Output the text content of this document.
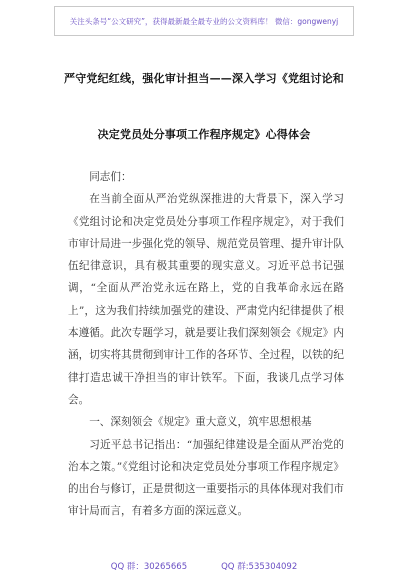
关注头条号“公文研究”，获得最新最全最专业的公文资料库！ 微信：gongwenyj
严守党纪红线，强化审计担当——深入学习《党组讨论和
决定党员处分事项工作程序规定》心得体会

同志们：

在当前全面从严治党纵深推进的大背景下，深入学习《党组讨论和决定党员处分事项工作程序规定》，对于我们市审计局进一步强化党的领导、规范党员管理、提升审计队伍纪律意识，具有极其重要的现实意义。习近平总书记强调，“全面从严治党永远在路上，党的自我革命永远在路上”，这为我们持续加强党的建设、严肃党内纪律提供了根本遵循。此次专题学习，就是要让我们深刻领会《规定》内涵，切实将其贯彻到审计工作的各环节、全过程，以铁的纪律打造忠诚干净担当的审计铁军。下面，我谈几点学习体会。

一、深刻领会《规定》重大意义，筑牢思想根基

习近平总书记指出：“加强纪律建设是全面从严治党的治本之策。”《党组讨论和决定党员处分事项工作程序规定》的出台与修订，正是贯彻这一重要指示的具体体现对我们市审计局而言，有着多方面的深远意义。

QQ 群：30265665	QQ 群:535304092
